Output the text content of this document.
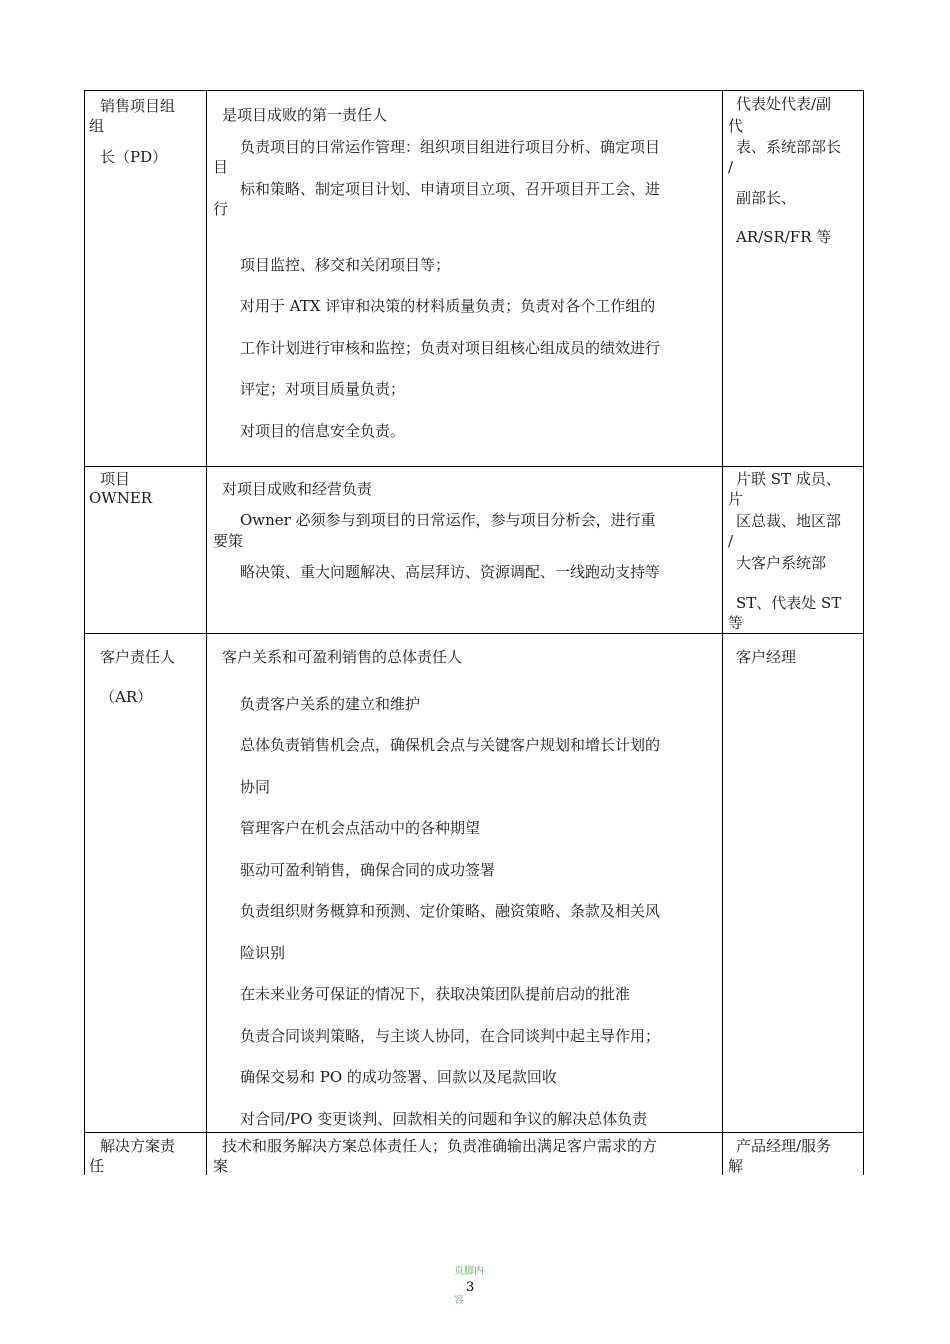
销售项目组
组
长（PD）
是项目成败的第一责任人
负责项目的日常运作管理：组织项目组进行项目分析、确定项目
目
标和策略、制定项目计划、申请项目立项、召开项目开工会、进
行
项目监控、移交和关闭项目等；
对用于 ATX 评审和决策的材料质量负责；负责对各个工作组的
工作计划进行审核和监控；负责对项目组核心组成员的绩效进行
评定；对项目质量负责；
对项目的信息安全负责。
代表处代表/副
代
表、系统部部长
/
副部长、
AR/SR/FR 等
项目
OWNER	对项目成败和经营负责
Owner 必须参与到项目的日常运作，参与项目分析会，进行重
要策
略决策、重大问题解决、高层拜访、资源调配、一线跑动支持等
片联 ST 成员、
片
区总裁、地区部
/
大客户系统部
ST、代表处 ST
等
客户责任人
（AR）
客户关系和可盈利销售的总体责任人
负责客户关系的建立和维护
总体负责销售机会点，确保机会点与关键客户规划和增长计划的
协同
管理客户在机会点活动中的各种期望
驱动可盈利销售，确保合同的成功签署
负责组织财务概算和预测、定价策略、融资策略、条款及相关风
险识别
在未来业务可保证的情况下，获取决策团队提前启动的批准
负责合同谈判策略，与主谈人协同，在合同谈判中起主导作用；
确保交易和 PO 的成功签署、回款以及尾款回收
对合同/PO 变更谈判、回款相关的问题和争议的解决总体负责
客户经理
解决方案责
任
技术和服务解决方案总体责任人；负责准确输出满足客户需求的方
案
产品经理/服务
解
页脚内
3
容
